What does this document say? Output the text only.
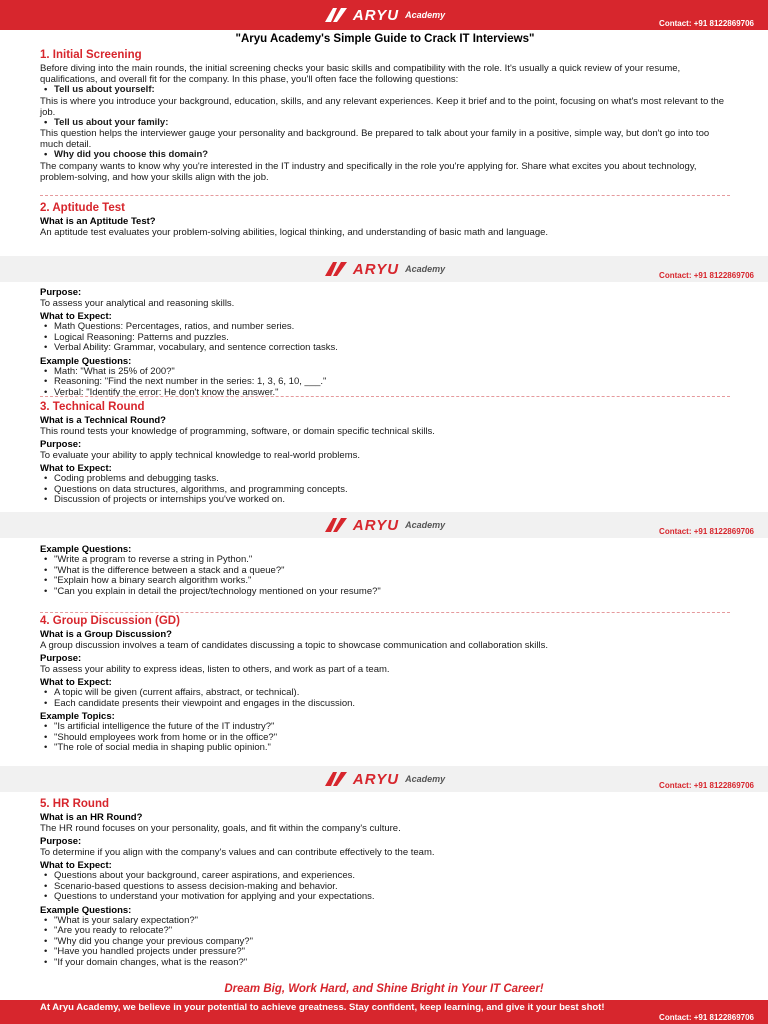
ARYU Academy
Contact: +91 8122869706
"Aryu Academy's Simple Guide to Crack IT Interviews"
1. Initial Screening

Before diving into the main rounds, the initial screening checks your basic skills and compatibility with the role. It's usually a quick review of your resume, qualifications, and overall fit for the company. In this phase, you'll often face the following questions:

• Tell us about yourself:

This is where you introduce your background, education, skills, and any relevant experiences. Keep it brief and to the point, focusing on what's most relevant to the job.

• Tell us about your family:

This question helps the interviewer gauge your personality and background. Be prepared to talk about your family in a positive, simple way, but don't go into too much detail.

• Why did you choose this domain?

The company wants to know why you're interested in the IT industry and specifically in the role you're applying for. Share what excites you about technology, problem-solving, and how your skills align with the job.

2. Aptitude Test
What is an Aptitude Test?

An aptitude test evaluates your problem-solving abilities, logical thinking, and understanding of basic math and language.

ARYU Academy
Contact: +91 8122869706
Purpose:

To assess your analytical and reasoning skills.

What to Expect:
• Math Questions: Percentages, ratios, and number series.
• Logical Reasoning: Patterns and puzzles.
• Verbal Ability: Grammar, vocabulary, and sentence correction tasks.
Example Questions:
• Math: "What is 25% of 200?"
• Reasoning: "Find the next number in the series: 1, 3, 6, 10, ___."
• Verbal: "Identify the error: He don't know the answer."
3. Technical Round
What is a Technical Round?

This round tests your knowledge of programming, software, or domain specific technical skills.

Purpose:

To evaluate your ability to apply technical knowledge to real-world problems.

What to Expect:
• Coding problems and debugging tasks.
• Questions on data structures, algorithms, and programming concepts.
• Discussion of projects or internships you've worked on.
ARYU Academy
Contact: +91 8122869706
Example Questions:
• "Write a program to reverse a string in Python."
• "What is the difference between a stack and a queue?"
• "Explain how a binary search algorithm works."
• "Can you explain in detail the project/technology mentioned on your resume?"
4. Group Discussion (GD)
What is a Group Discussion?

A group discussion involves a team of candidates discussing a topic to showcase communication and collaboration skills.

Purpose:

To assess your ability to express ideas, listen to others, and work as part of a team.

What to Expect:
• A topic will be given (current affairs, abstract, or technical).
• Each candidate presents their viewpoint and engages in the discussion.
Example Topics:
• "Is artificial intelligence the future of the IT industry?"
• "Should employees work from home or in the office?"
• "The role of social media in shaping public opinion."
ARYU Academy
Contact: +91 8122869706
5. HR Round
What is an HR Round?

The HR round focuses on your personality, goals, and fit within the company's culture.

Purpose:

To determine if you align with the company's values and can contribute effectively to the team.

What to Expect:
• Questions about your background, career aspirations, and experiences.
• Scenario-based questions to assess decision-making and behavior.
• Questions to understand your motivation for applying and your expectations.
Example Questions:
• "What is your salary expectation?"
• "Are you ready to relocate?"
• "Why did you change your previous company?"
• "Have you handled projects under pressure?"
• "If your domain changes, what is the reason?"
Dream Big, Work Hard, and Shine Bright in Your IT Career!
Contact: +91 8122869706
At Aryu Academy, we believe in your potential to achieve greatness. Stay confident, keep learning, and give it your best shot!
